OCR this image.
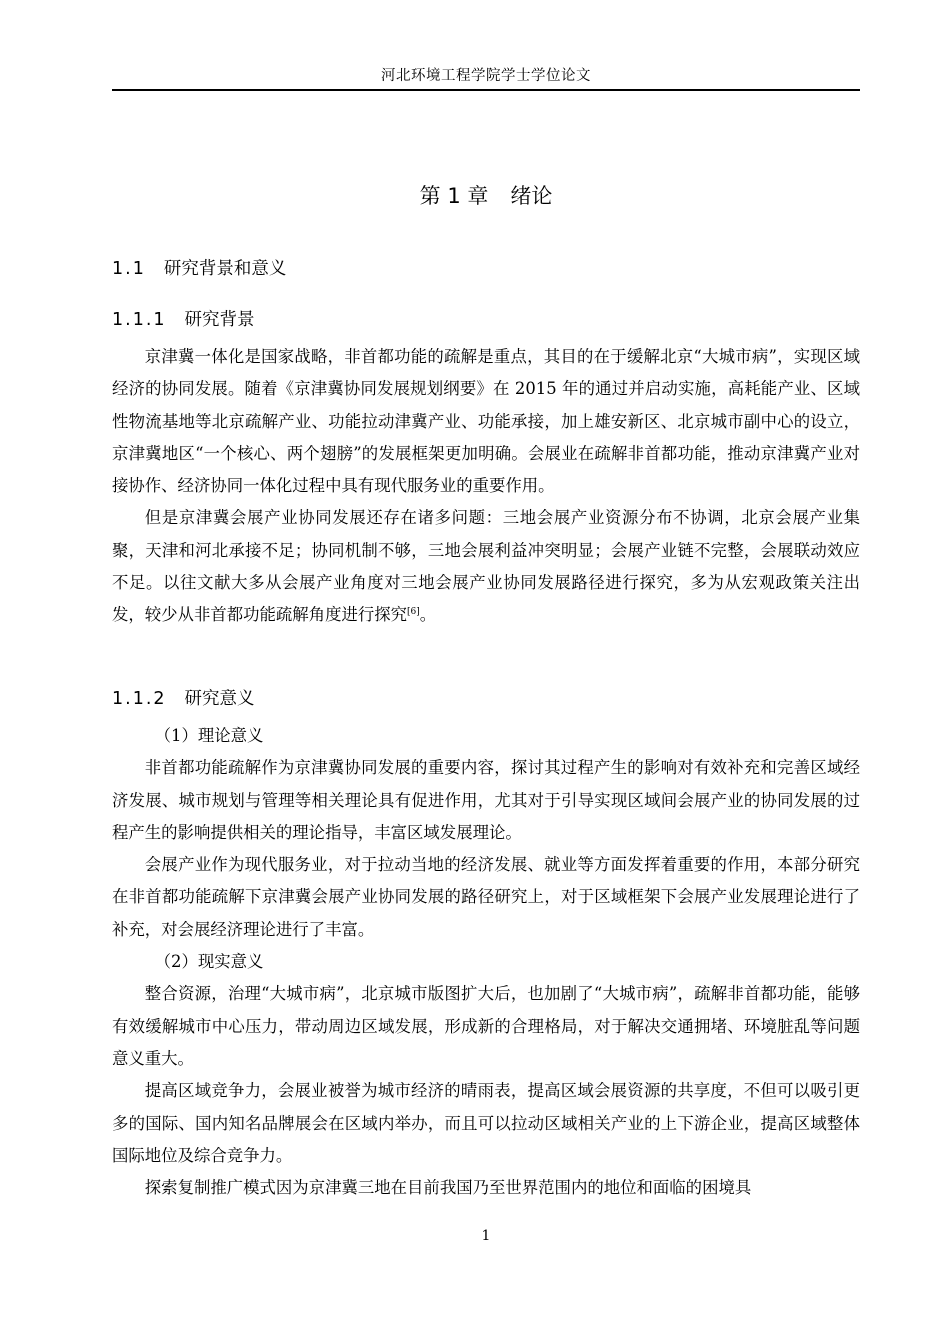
河北环境工程学院学士学位论文
第 1 章 绪论
1.1 研究背景和意义
1.1.1 研究背景

京津冀一体化是国家战略，非首都功能的疏解是重点，其目的在于缓解北京“大城市病”，实现区域经济的协同发展。随着《京津冀协同发展规划纲要》在 2015 年的通过并启动实施，高耗能产业、区域性物流基地等北京疏解产业、功能拉动津冀产业、功能承接，加上雄安新区、北京城市副中心的设立，京津冀地区“一个核心、两个翅膀”的发展框架更加明确。会展业在疏解非首都功能，推动京津冀产业对接协作、经济协同一体化过程中具有现代服务业的重要作用。

但是京津冀会展产业协同发展还存在诸多问题：三地会展产业资源分布不协调，北京会展产业集聚，天津和河北承接不足；协同机制不够，三地会展利益冲突明显；会展产业链不完整，会展联动效应不足。以往文献大多从会展产业角度对三地会展产业协同发展路径进行探究，多为从宏观政策关注出发，较少从非首都功能疏解角度进行探究[6]。

1.1.2 研究意义

（1）理论意义

非首都功能疏解作为京津冀协同发展的重要内容，探讨其过程产生的影响对有效补充和完善区域经济发展、城市规划与管理等相关理论具有促进作用，尤其对于引导实现区域间会展产业的协同发展的过程产生的影响提供相关的理论指导，丰富区域发展理论。

会展产业作为现代服务业，对于拉动当地的经济发展、就业等方面发挥着重要的作用，本部分研究在非首都功能疏解下京津冀会展产业协同发展的路径研究上，对于区域框架下会展产业发展理论进行了补充，对会展经济理论进行了丰富。

（2）现实意义

整合资源，治理“大城市病”，北京城市版图扩大后，也加剧了“大城市病”，疏解非首都功能，能够有效缓解城市中心压力，带动周边区域发展，形成新的合理格局，对于解决交通拥堵、环境脏乱等问题意义重大。

提高区域竞争力，会展业被誉为城市经济的晴雨表，提高区域会展资源的共享度，不但可以吸引更多的国际、国内知名品牌展会在区域内举办，而且可以拉动区域相关产业的上下游企业，提高区域整体国际地位及综合竞争力。

探索复制推广模式因为京津冀三地在目前我国乃至世界范围内的地位和面临的困境具

1
